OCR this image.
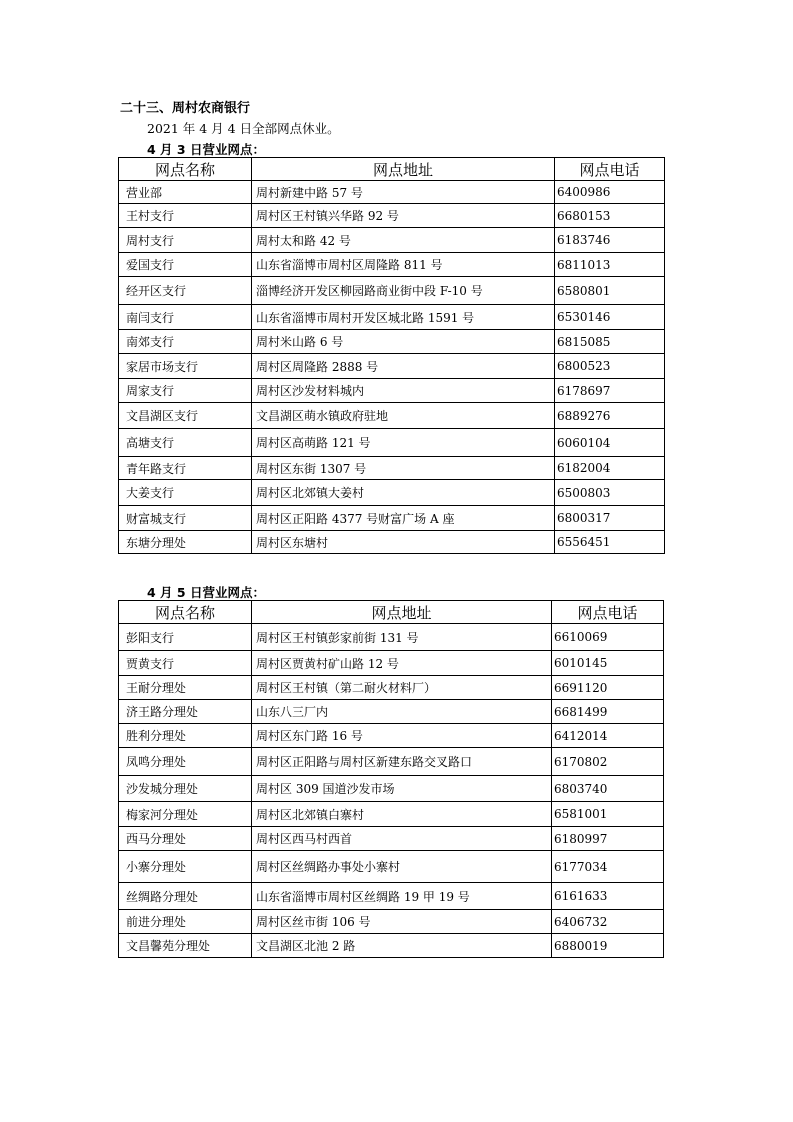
二十三、周村农商银行
2021 年 4 月 4 日全部网点休业。
4 月 3 日营业网点：
网点名称	网点地址	网点电话
营业部	周村新建中路 57 号	6400986
王村支行	周村区王村镇兴华路 92 号	6680153
周村支行	周村太和路 42 号	6183746
爱国支行	山东省淄博市周村区周隆路 811 号	6811013
经开区支行	淄博经济开发区柳园路商业街中段 F-10 号	6580801
南闫支行	山东省淄博市周村开发区城北路 1591 号	6530146
南郊支行	周村米山路 6 号	6815085
家居市场支行	周村区周隆路 2888 号	6800523
周家支行	周村区沙发材料城内	6178697
文昌湖区支行	文昌湖区萌水镇政府驻地	6889276
高塘支行	周村区高萌路 121 号	6060104
青年路支行	周村区东街 1307 号	6182004
大姜支行	周村区北郊镇大姜村	6500803
财富城支行	周村区正阳路 4377 号财富广场 A 座	6800317
东塘分理处	周村区东塘村	6556451
4 月 5 日营业网点：
网点名称	网点地址	网点电话
彭阳支行	周村区王村镇彭家前街 131 号	6610069
贾黄支行	周村区贾黄村矿山路 12 号	6010145
王耐分理处	周村区王村镇（第二耐火材料厂）	6691120
济王路分理处	山东八三厂内	6681499
胜利分理处	周村区东门路 16 号	6412014
凤鸣分理处	周村区正阳路与周村区新建东路交叉路口	6170802
沙发城分理处	周村区 309 国道沙发市场	6803740
梅家河分理处	周村区北郊镇白寨村	6581001
西马分理处	周村区西马村西首	6180997
小寨分理处	周村区丝绸路办事处小寨村	6177034
丝绸路分理处	山东省淄博市周村区丝绸路 19 甲 19 号	6161633
前进分理处	周村区丝市街 106 号	6406732
文昌馨苑分理处	文昌湖区北池 2 路	6880019
